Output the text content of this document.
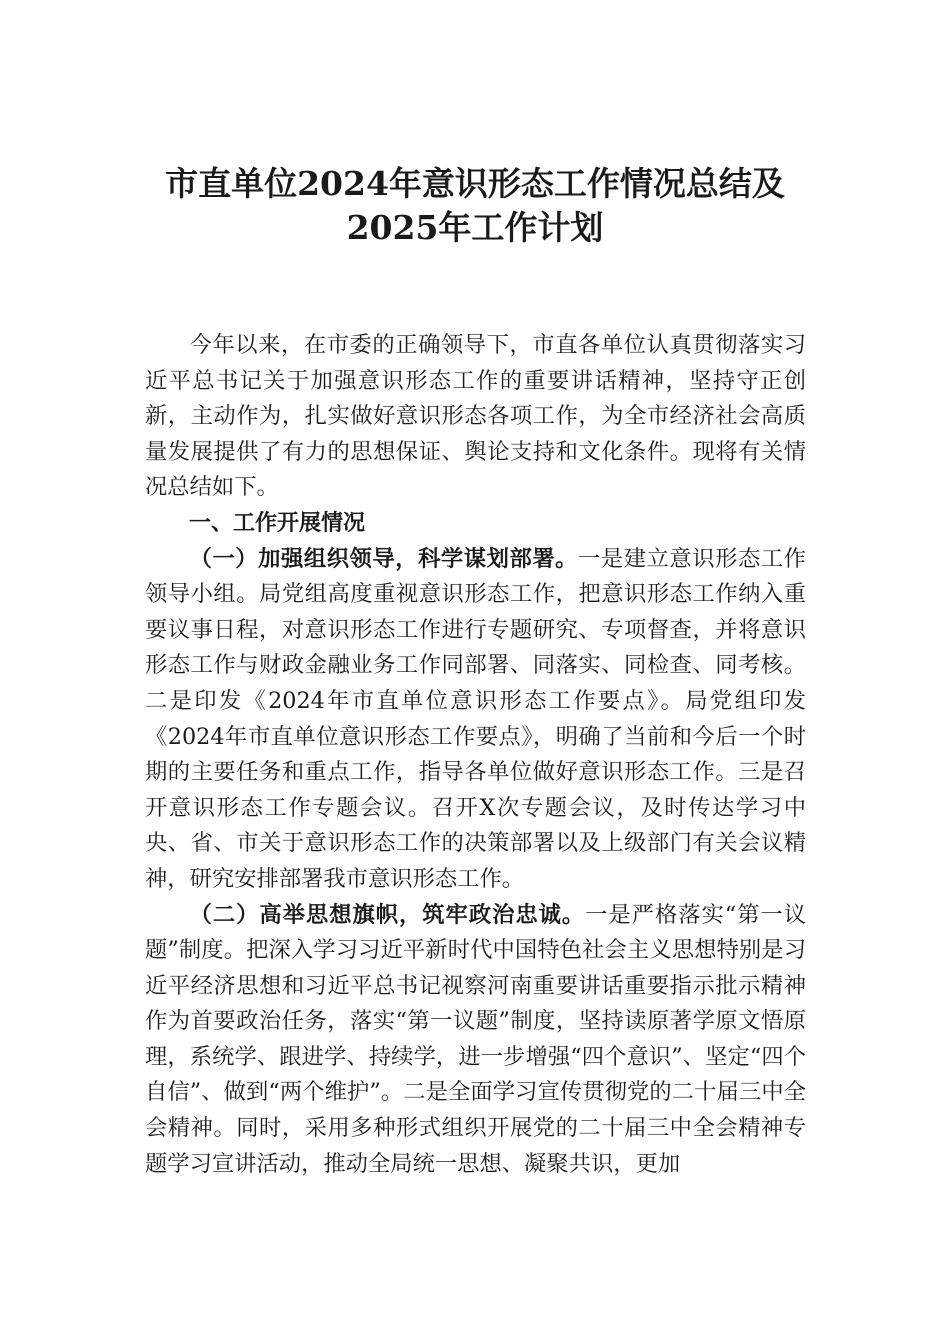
市直单位2024年意识形态工作情况总结及
2025年工作计划

今年以来，在市委的正确领导下，市直各单位认真贯彻落实习近平总书记关于加强意识形态工作的重要讲话精神，坚持守正创新，主动作为，扎实做好意识形态各项工作，为全市经济社会高质量发展提供了有力的思想保证、舆论支持和文化条件。现将有关情况总结如下。

一、工作开展情况

（一）加强组织领导，科学谋划部署。一是建立意识形态工作领导小组。局党组高度重视意识形态工作，把意识形态工作纳入重要议事日程，对意识形态工作进行专题研究、专项督查，并将意识形态工作与财政金融业务工作同部署、同落实、同检查、同考核。二是印发《2024年市直单位意识形态工作要点》。局党组印发《2024年市直单位意识形态工作要点》，明确了当前和今后一个时期的主要任务和重点工作，指导各单位做好意识形态工作。三是召开意识形态工作专题会议。召开X次专题会议，及时传达学习中央、省、市关于意识形态工作的决策部署以及上级部门有关会议精神，研究安排部署我市意识形态工作。

（二）高举思想旗帜，筑牢政治忠诚。一是严格落实“第一议题”制度。把深入学习习近平新时代中国特色社会主义思想特别是习近平经济思想和习近平总书记视察河南重要讲话重要指示批示精神作为首要政治任务，落实“第一议题”制度，坚持读原著学原文悟原理，系统学、跟进学、持续学，进一步增强“四个意识”、坚定“四个自信”、做到“两个维护”。二是全面学习宣传贯彻党的二十届三中全会精神。同时，采用多种形式组织开展党的二十届三中全会精神专题学习宣讲活动，推动全局统一思想、凝聚共识，更加
